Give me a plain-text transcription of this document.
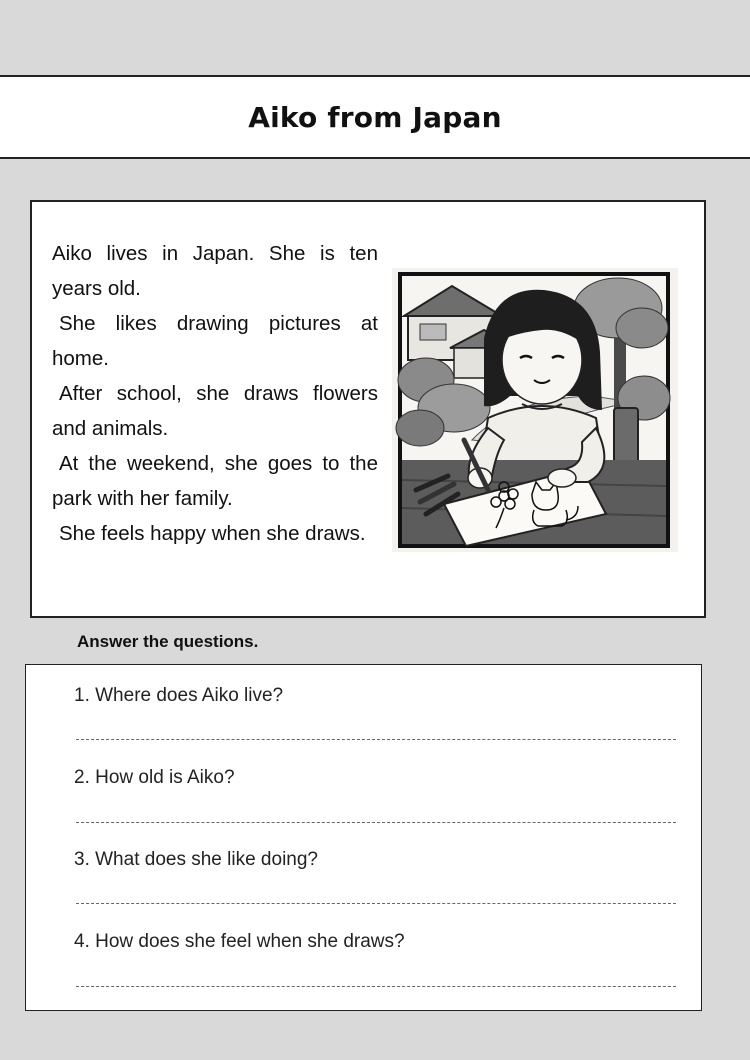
Aiko from Japan

Aiko lives in Japan. She is ten years old.

She likes drawing pictures at home.

After school, she draws flowers and animals.

At the weekend, she goes to the park with her family.

She feels happy when she draws.

Answer the questions.
1. Where does Aiko live?
2. How old is Aiko?
3. What does she like doing?
4. How does she feel when she draws?
